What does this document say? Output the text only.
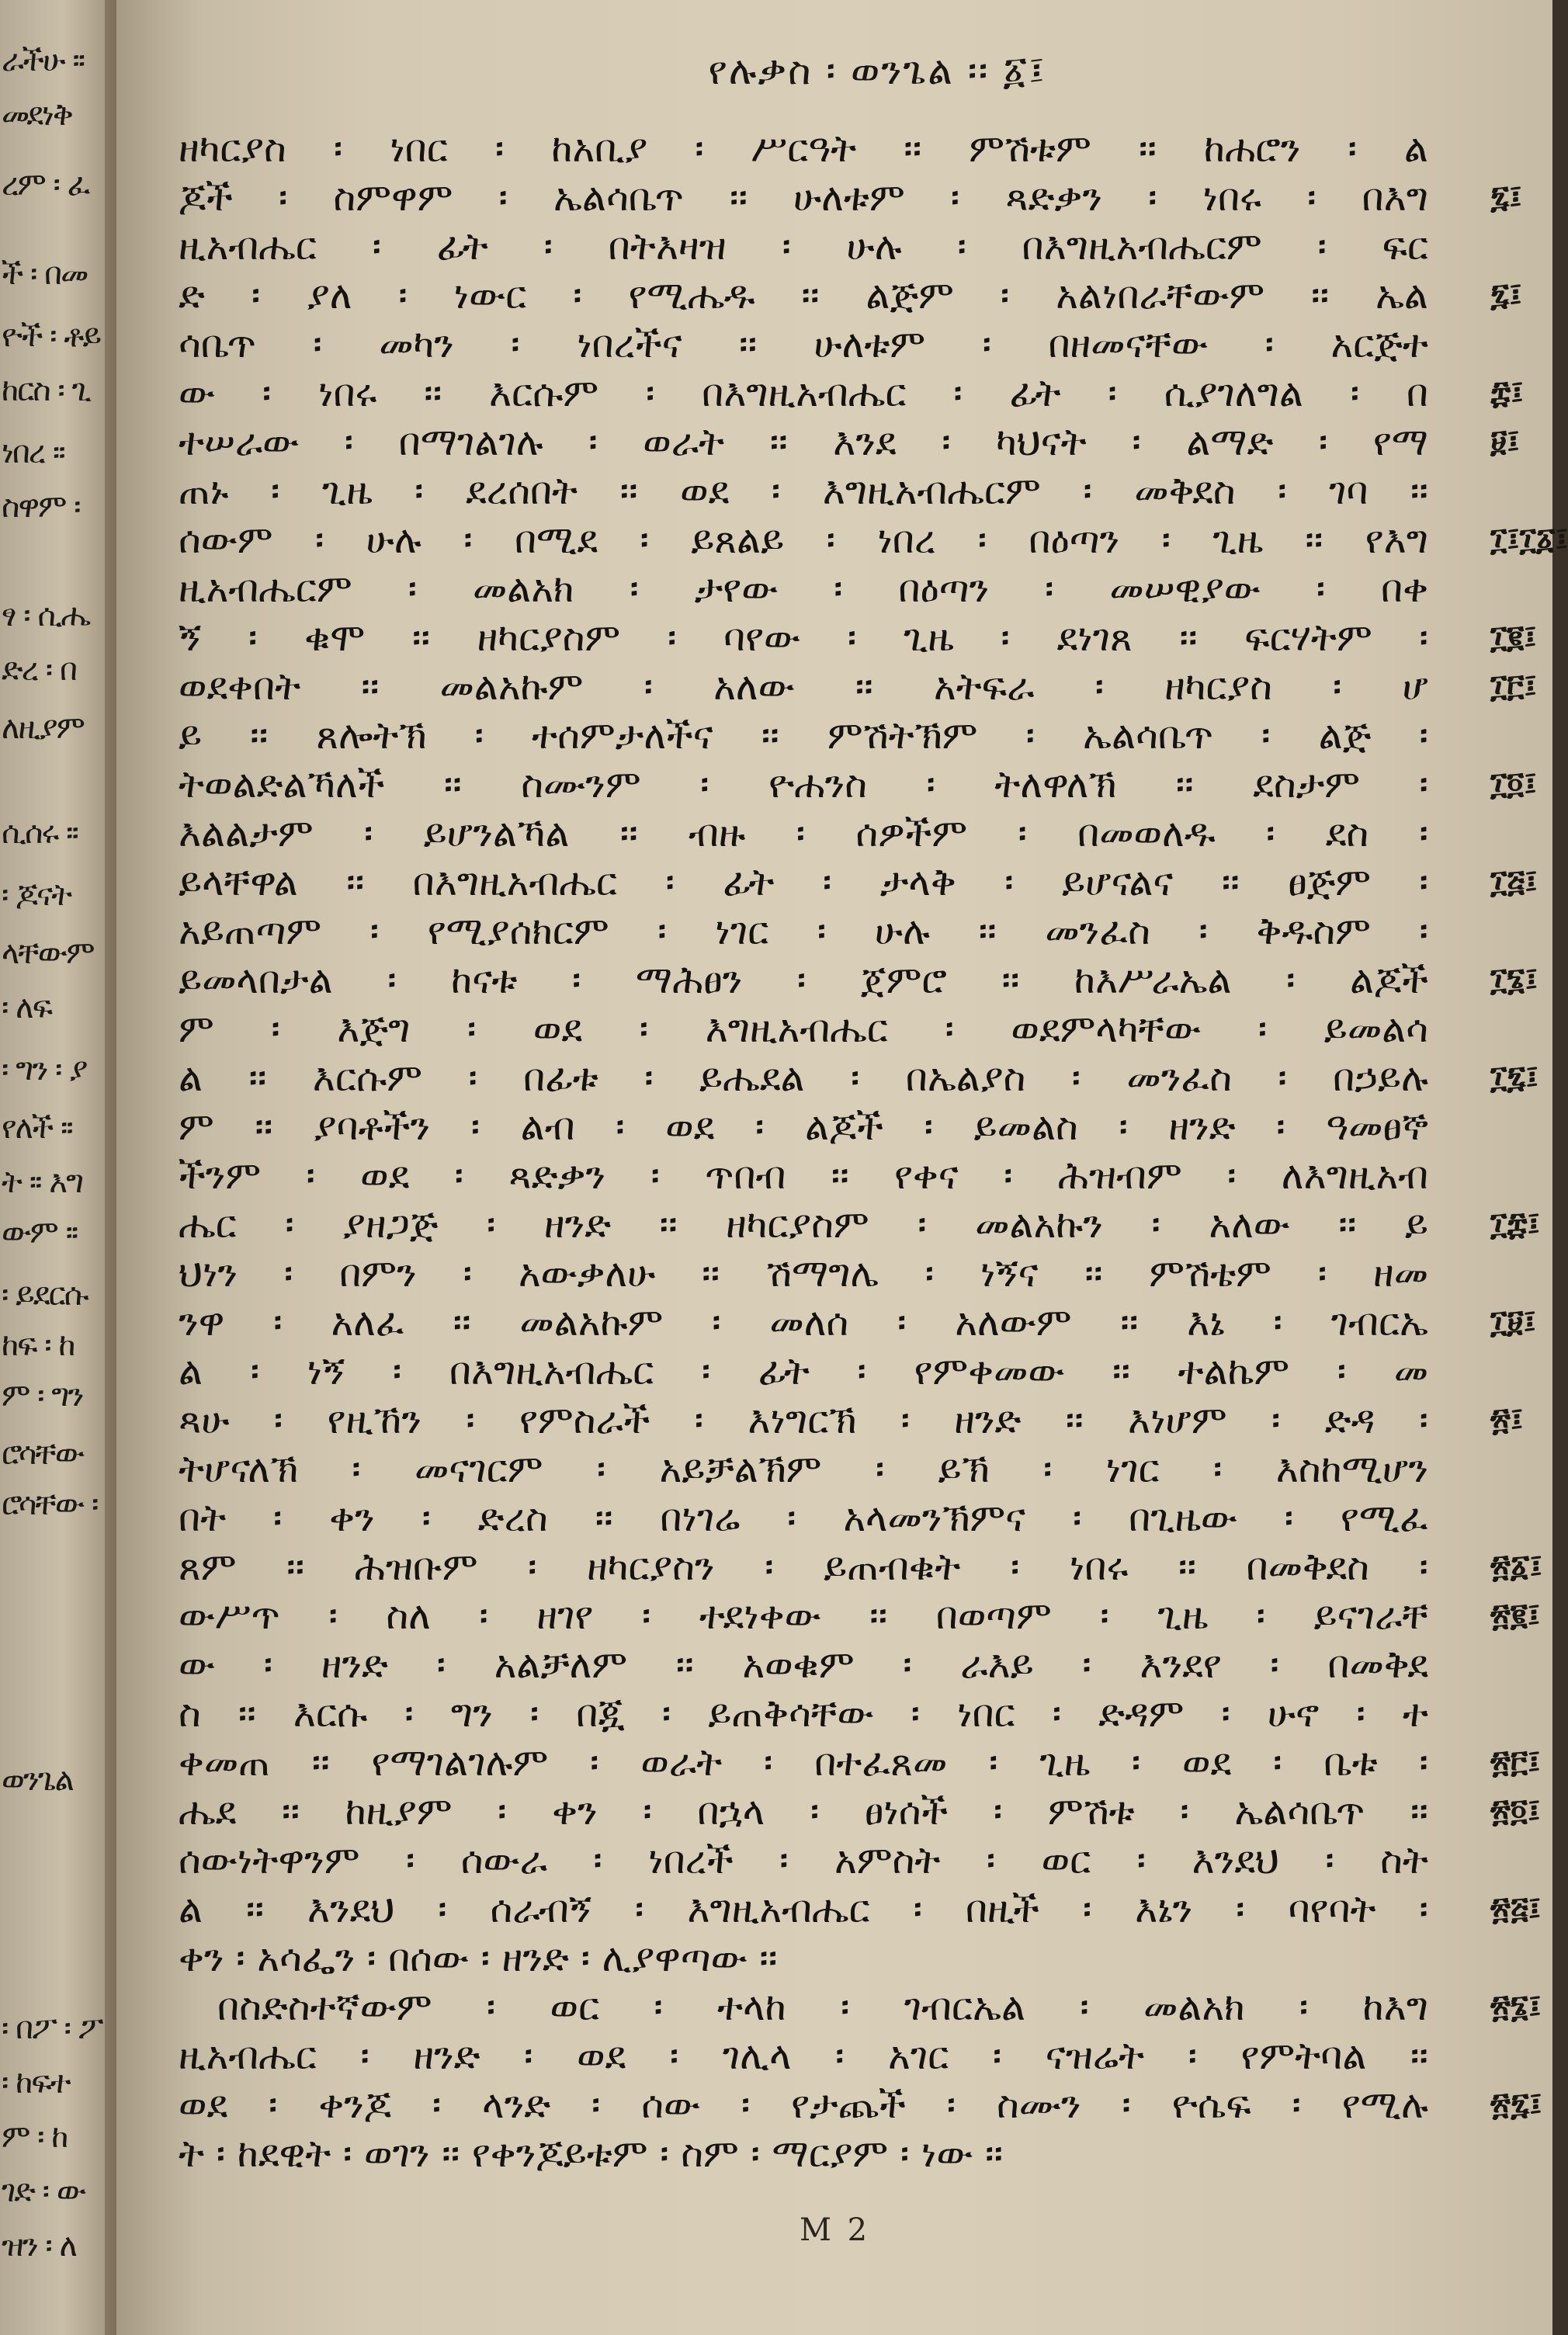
ራችሁ ፡፡
መደነቅ
ረም ፡ ፈ
ች ፡ በመ
ዮች ፡ ቶይ
ከርስ ፡ ጊ
ነበረ ፡፡
ስዋም ፡
ፃ ፡ ሲሔ
ድረ ፡ በ
ለዚያም
ሲሰሩ ፡፡
፡ ጆናት
ላቸውም
፡ ለፍ
፡ ግን ፡ ያ
የለች ፡፡
ት ፡፡ እግ
ውም ፡፡
፡ ይደርሱ
ከፍ ፡ ከ
ም ፡ ግን
ሮሳቸው
ሮሳቸው ፡
ወንጌል
፡ በፖ ፡ ፖ
፡ ከፍተ
ም ፡ ከ
ገድ ፡ ው
ዝን ፡ ለ
የሉቃስ ፡ ወንጌል ፡፡ ፩፤
ዘካርያስ ፡ ነበር ፡ ከአቢያ ፡ ሥርዓት ፡፡ ምሽቱም ፡፡ ከሐሮን ፡ ል
ጆች ፡ ስምዋም ፡ ኤልሳቤጥ ፡፡ ሁለቱም ፡ ጻድቃን ፡ ነበሩ ፡ በእግ
ዚአብሔር ፡ ፊት ፡ በትእዛዝ ፡ ሁሉ ፡ በእግዚአብሔርም ፡ ፍር
ድ ፡ ያለ ፡ ነውር ፡ የሚሔዱ ፡፡ ልጅም ፡ አልነበራቸውም ፡፡ ኤል
ሳቤጥ ፡ መካን ፡ ነበረችና ፡፡ ሁለቱም ፡ በዘመናቸው ፡ አርጅተ
ው ፡ ነበሩ ፡፡ እርሱም ፡ በእግዚአብሔር ፡ ፊት ፡ ሲያገለግል ፡ በ
ተሠራው ፡ በማገልገሉ ፡ ወራት ፡፡ እንደ ፡ ካህናት ፡ ልማድ ፡ የማ
ጠኑ ፡ ጊዜ ፡ ደረሰበት ፡፡ ወደ ፡ እግዚአብሔርም ፡ መቅደስ ፡ ገባ ፡፡
ሰውም ፡ ሁሉ ፡ በሚደ ፡ ይጸልይ ፡ ነበረ ፡ በዕጣን ፡ ጊዜ ፡፡ የእግ
ዚአብሔርም ፡ መልአክ ፡ ታየው ፡ በዕጣን ፡ መሠዊያው ፡ በቀ
ኝ ፡ ቁሞ ፡፡ ዘካርያስም ፡ ባየው ፡ ጊዜ ፡ ደነገጸ ፡፡ ፍርሃትም ፡
ወደቀበት ፡፡ መልአኩም ፡ አለው ፡፡ አትፍራ ፡ ዘካርያስ ፡ ሆ
ይ ፡፡ ጸሎትኽ ፡ ተሰምታለችና ፡፡ ምሽትኽም ፡ ኤልሳቤጥ ፡ ልጅ ፡
ትወልድልኻለች ፡፡ ስሙንም ፡ ዮሐንስ ፡ ትለዋለኽ ፡፡ ደስታም ፡
እልልታም ፡ ይሆንልኻል ፡፡ ብዙ ፡ ሰዎችም ፡ በመወለዱ ፡ ደስ ፡
ይላቸዋል ፡፡ በእግዚአብሔር ፡ ፊት ፡ ታላቅ ፡ ይሆናልና ፡፡ ፀጅም ፡
አይጠጣም ፡ የሚያሰክርም ፡ ነገር ፡ ሁሉ ፡፡ መንፈስ ፡ ቅዱስም ፡
ይመላበታል ፡ ከናቱ ፡ ማሕፀን ፡ ጀምሮ ፡፡ ከእሥራኤል ፡ ልጆች
ም ፡ እጅግ ፡ ወደ ፡ እግዚአብሔር ፡ ወደምላካቸው ፡ ይመልሳ
ል ፡፡ እርሱም ፡ በፊቱ ፡ ይሔደል ፡ በኤልያስ ፡ መንፈስ ፡ በኃይሉ
ም ፡፡ ያባቶችን ፡ ልብ ፡ ወደ ፡ ልጆች ፡ ይመልስ ፡ ዘንድ ፡ ዓመፀኞ
ችንም ፡ ወደ ፡ ጻድቃን ፡ ጥበብ ፡፡ የቀና ፡ ሕዝብም ፡ ለእግዚአብ
ሔር ፡ ያዘጋጅ ፡ ዘንድ ፡፡ ዘካርያስም ፡ መልአኩን ፡ አለው ፡፡ ይ
ህነን ፡ በምን ፡ አውቃለሁ ፡፡ ሽማግሌ ፡ ነኝና ፡፡ ምሽቴም ፡ ዘመ
ንዋ ፡ አለፈ ፡፡ መልአኩም ፡ መለሰ ፡ አለውም ፡፡ እኔ ፡ ገብርኤ
ል ፡ ነኝ ፡ በእግዚአብሔር ፡ ፊት ፡ የምቀመው ፡፡ ተልኬም ፡ መ
ጻሁ ፡ የዚኸን ፡ የምስራች ፡ እነግርኽ ፡ ዘንድ ፡፡ እነሆም ፡ ድዳ ፡
ትሆናለኽ ፡ መናገርም ፡ አይቻልኽም ፡ ይኽ ፡ ነገር ፡ እስከሚሆን
በት ፡ ቀን ፡ ድረስ ፡፡ በነገሬ ፡ አላመንኽምና ፡ በጊዜው ፡ የሚፈ
ጸም ፡፡ ሕዝቡም ፡ ዘካርያስን ፡ ይጠብቁት ፡ ነበሩ ፡፡ በመቅደስ ፡
ውሥጥ ፡ ስለ ፡ ዘገየ ፡ ተደነቀው ፡፡ በወጣም ፡ ጊዜ ፡ ይናገራቸ
ው ፡ ዘንድ ፡ አልቻለም ፡፡ አወቁም ፡ ራእይ ፡ እንደየ ፡ በመቅደ
ስ ፡፡ እርሱ ፡ ግን ፡ በጇ ፡ ይጠቅሳቸው ፡ ነበር ፡ ድዳም ፡ ሁኖ ፡ ተ
ቀመጠ ፡፡ የማገልገሉም ፡ ወራት ፡ በተፈጸመ ፡ ጊዜ ፡ ወደ ፡ ቤቱ ፡
ሔደ ፡፡ ከዚያም ፡ ቀን ፡ በኋላ ፡ ፀነሰች ፡ ምሽቱ ፡ ኤልሳቤጥ ፡፡
ሰውነትዋንም ፡ ሰውራ ፡ ነበረች ፡ አምስት ፡ ወር ፡ እንደህ ፡ ስት
ል ፡፡ እንደህ ፡ ሰራብኝ ፡ እግዚአብሔር ፡ በዚች ፡ እኔን ፡ ባየባት ፡
ቀን ፡ አሳፌን ፡ በሰው ፡ ዘንድ ፡ ሊያዋጣው ፡፡
በስድስተኛውም ፡ ወር ፡ ተላከ ፡ ገብርኤል ፡ መልአክ ፡ ከእግ
ዚአብሔር ፡ ዘንድ ፡ ወደ ፡ ገሊላ ፡ አገር ፡ ናዝሬት ፡ የምትባል ፡፡
ወደ ፡ ቀንጆ ፡ ላንድ ፡ ሰው ፡ የታጨች ፡ ስሙን ፡ ዮሴፍ ፡ የሚሉ
ት ፡ ከደዊት ፡ ወገን ፡፡ የቀንጆይቱም ፡ ስም ፡ ማርያም ፡ ነው ፡፡
፯፤
፯፤
፰፤
፱፤
፲፤፲፩፤
፲፪፤
፲፫፤
፲፬፤
፲፭፤
፲፮፤
፲፯፤
፲፰፤
፲፱፤
፳፤
፳፩፤
፳፪፤
፳፫፤
፳፬፤
፳፭፤
፳፮፤
፳፯፤
M 2
